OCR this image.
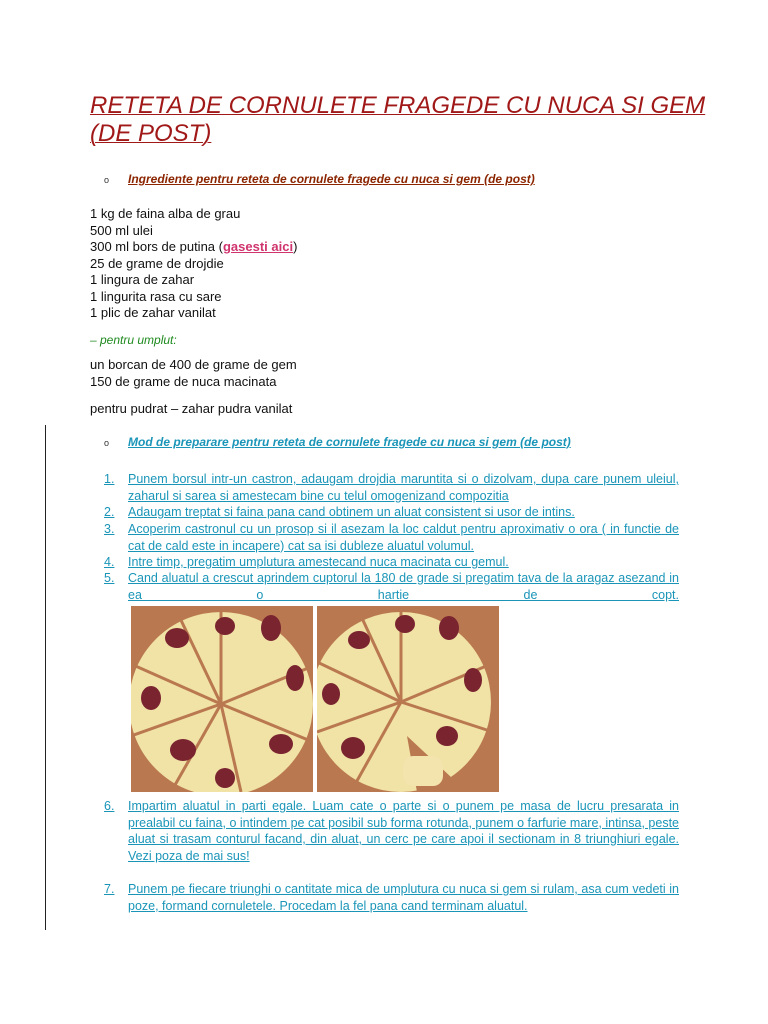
RETETA DE CORNULETE FRAGEDE CU NUCA SI GEM (DE POST)
o Ingrediente pentru reteta de cornulete fragede cu nuca si gem (de post)
1 kg de faina alba de grau
500 ml ulei
300 ml bors de putina (gasesti aici)
25 de grame de drojdie
1 lingura de zahar
1 lingurita rasa cu sare
1 plic de zahar vanilat
– pentru umplut:
un borcan de 400 de grame de gem
150 de grame de nuca macinata
pentru pudrat – zahar pudra vanilat
o Mod de preparare pentru reteta de cornulete fragede cu nuca si gem (de post)
1.	Punem borsul intr-un castron, adaugam drojdia maruntita si o dizolvam, dupa care punem uleiul, zaharul si sarea si amestecam bine cu telul omogenizand compozitia
2.	Adaugam treptat si faina pana cand obtinem un aluat consistent si usor de intins.
3.	Acoperim castronul cu un prosop si il asezam la loc caldut pentru aproximativ o ora ( in functie de cat de cald este in incapere) cat sa isi dubleze aluatul volumul.
4.	Intre timp, pregatim umplutura amestecand nuca macinata cu gemul.
5.	Cand aluatul a crescut aprindem cuptorul la 180 de grade si pregatim tava de la aragaz asezand in ea o hartie de copt.
6.	Impartim aluatul in parti egale. Luam cate o parte si o punem pe masa de lucru presarata in prealabil cu faina, o intindem pe cat posibil sub forma rotunda, punem o farfurie mare, intinsa, peste aluat si trasam conturul facand, din aluat, un cerc pe care apoi il sectionam in 8 triunghiuri egale. Vezi poza de mai sus!
7.	Punem pe fiecare triunghi o cantitate mica de umplutura cu nuca si gem si rulam, asa cum vedeti in poze, formand cornuletele. Procedam la fel pana cand terminam aluatul.
